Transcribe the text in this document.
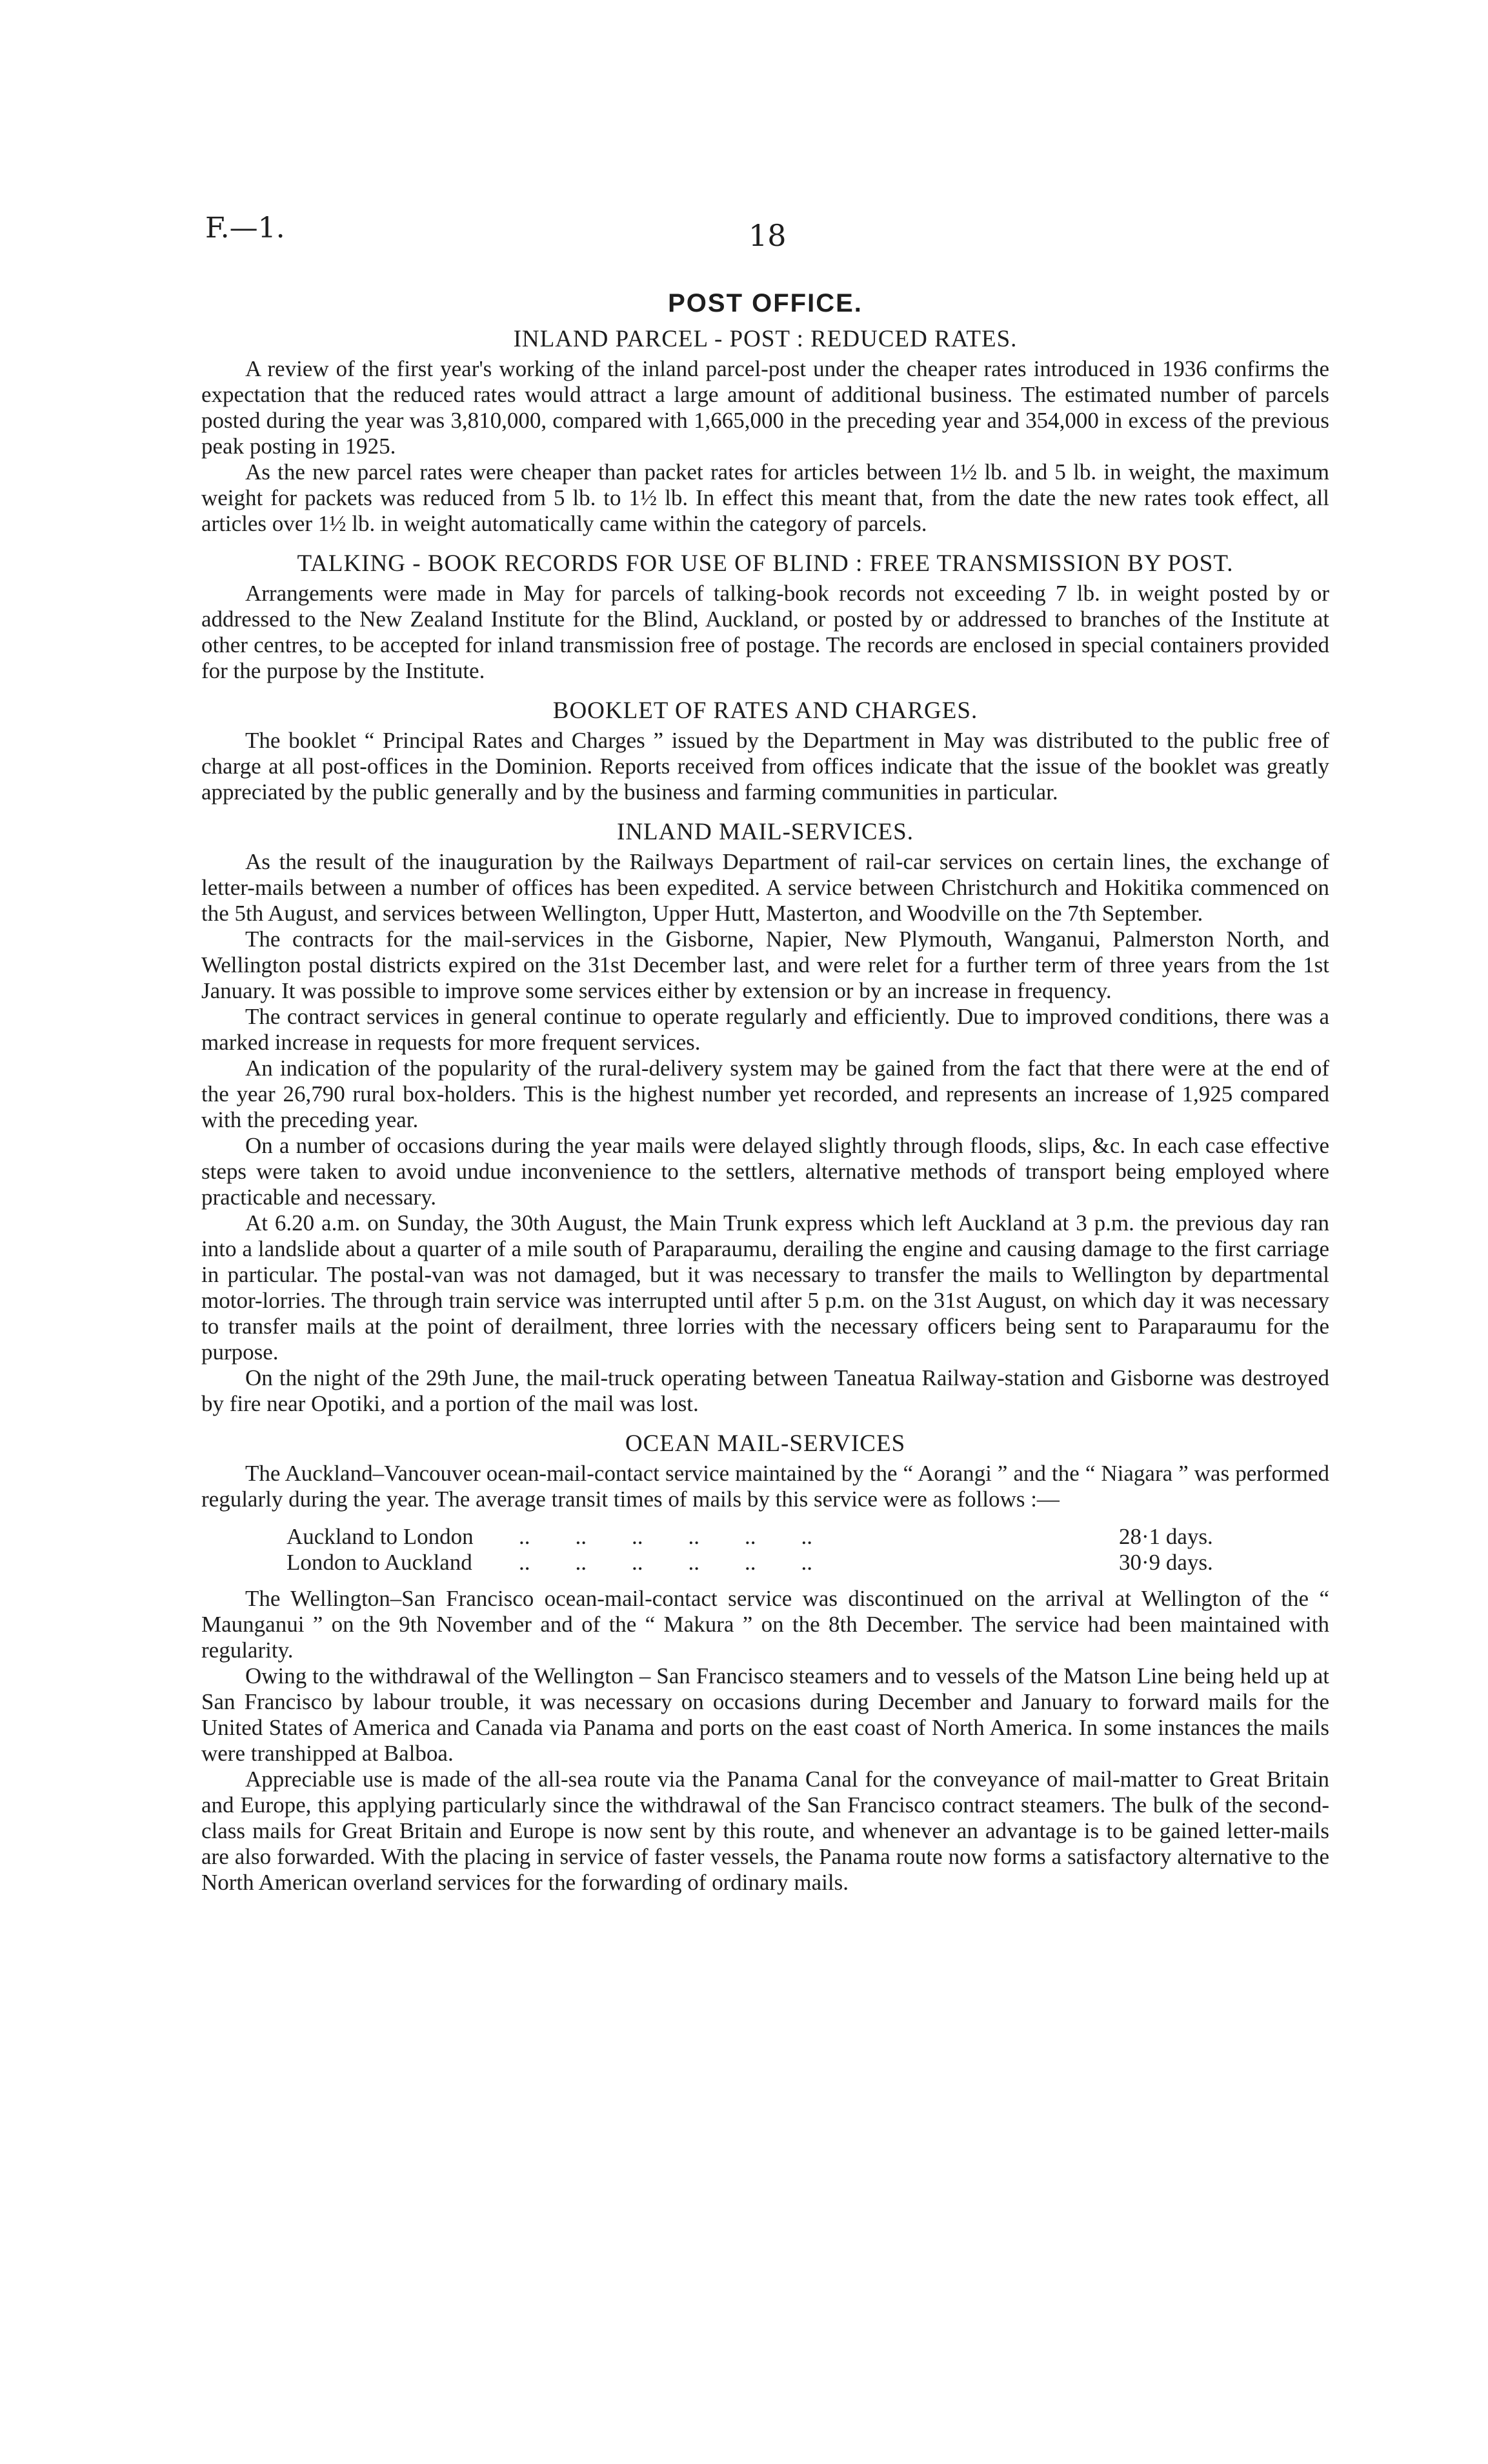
F.—1.	18
POST OFFICE.
INLAND PARCEL - POST : REDUCED RATES.

A review of the first year's working of the inland parcel-post under the cheaper rates introduced in 1936 confirms the expectation that the reduced rates would attract a large amount of additional business. The estimated number of parcels posted during the year was 3,810,000, compared with 1,665,000 in the preceding year and 354,000 in excess of the previous peak posting in 1925.

As the new parcel rates were cheaper than packet rates for articles between 1½ lb. and 5 lb. in weight, the maximum weight for packets was reduced from 5 lb. to 1½ lb. In effect this meant that, from the date the new rates took effect, all articles over 1½ lb. in weight automatically came within the category of parcels.

TALKING - BOOK RECORDS FOR USE OF BLIND : FREE TRANSMISSION BY POST.

Arrangements were made in May for parcels of talking-book records not exceeding 7 lb. in weight posted by or addressed to the New Zealand Institute for the Blind, Auckland, or posted by or addressed to branches of the Institute at other centres, to be accepted for inland transmission free of postage. The records are enclosed in special containers provided for the purpose by the Institute.

BOOKLET OF RATES AND CHARGES.

The booklet “ Principal Rates and Charges ” issued by the Department in May was distributed to the public free of charge at all post-offices in the Dominion. Reports received from offices indicate that the issue of the booklet was greatly appreciated by the public generally and by the business and farming communities in particular.

INLAND MAIL-SERVICES.

As the result of the inauguration by the Railways Department of rail-car services on certain lines, the exchange of letter-mails between a number of offices has been expedited. A service between Christchurch and Hokitika commenced on the 5th August, and services between Wellington, Upper Hutt, Masterton, and Woodville on the 7th September.

The contracts for the mail-services in the Gisborne, Napier, New Plymouth, Wanganui, Palmerston North, and Wellington postal districts expired on the 31st December last, and were relet for a further term of three years from the 1st January. It was possible to improve some services either by extension or by an increase in frequency.

The contract services in general continue to operate regularly and efficiently. Due to improved conditions, there was a marked increase in requests for more frequent services.

An indication of the popularity of the rural-delivery system may be gained from the fact that there were at the end of the year 26,790 rural box-holders. This is the highest number yet recorded, and represents an increase of 1,925 compared with the preceding year.

On a number of occasions during the year mails were delayed slightly through floods, slips, &c. In each case effective steps were taken to avoid undue inconvenience to the settlers, alternative methods of transport being employed where practicable and necessary.

At 6.20 a.m. on Sunday, the 30th August, the Main Trunk express which left Auckland at 3 p.m. the previous day ran into a landslide about a quarter of a mile south of Paraparaumu, derailing the engine and causing damage to the first carriage in particular. The postal-van was not damaged, but it was necessary to transfer the mails to Wellington by departmental motor-lorries. The through train service was interrupted until after 5 p.m. on the 31st August, on which day it was necessary to transfer mails at the point of derailment, three lorries with the necessary officers being sent to Paraparaumu for the purpose.

On the night of the 29th June, the mail-truck operating between Taneatua Railway-station and Gisborne was destroyed by fire near Opotiki, and a portion of the mail was lost.

OCEAN MAIL-SERVICES

The Auckland–Vancouver ocean-mail-contact service maintained by the “ Aorangi ” and the “ Niagara ” was performed regularly during the year. The average transit times of mails by this service were as follows :—

Auckland to London	..        ..        ..        ..        ..        ..	28·1 days.
London to Auckland	..        ..        ..        ..        ..        ..	30·9 days.

The Wellington–San Francisco ocean-mail-contact service was discontinued on the arrival at Wellington of the “ Maunganui ” on the 9th November and of the “ Makura ” on the 8th December. The service had been maintained with regularity.

Owing to the withdrawal of the Wellington – San Francisco steamers and to vessels of the Matson Line being held up at San Francisco by labour trouble, it was necessary on occasions during December and January to forward mails for the United States of America and Canada via Panama and ports on the east coast of North America. In some instances the mails were transhipped at Balboa.

Appreciable use is made of the all-sea route via the Panama Canal for the conveyance of mail-matter to Great Britain and Europe, this applying particularly since the withdrawal of the San Francisco contract steamers. The bulk of the second-class mails for Great Britain and Europe is now sent by this route, and whenever an advantage is to be gained letter-mails are also forwarded. With the placing in service of faster vessels, the Panama route now forms a satisfactory alternative to the North American overland services for the forwarding of ordinary mails.
